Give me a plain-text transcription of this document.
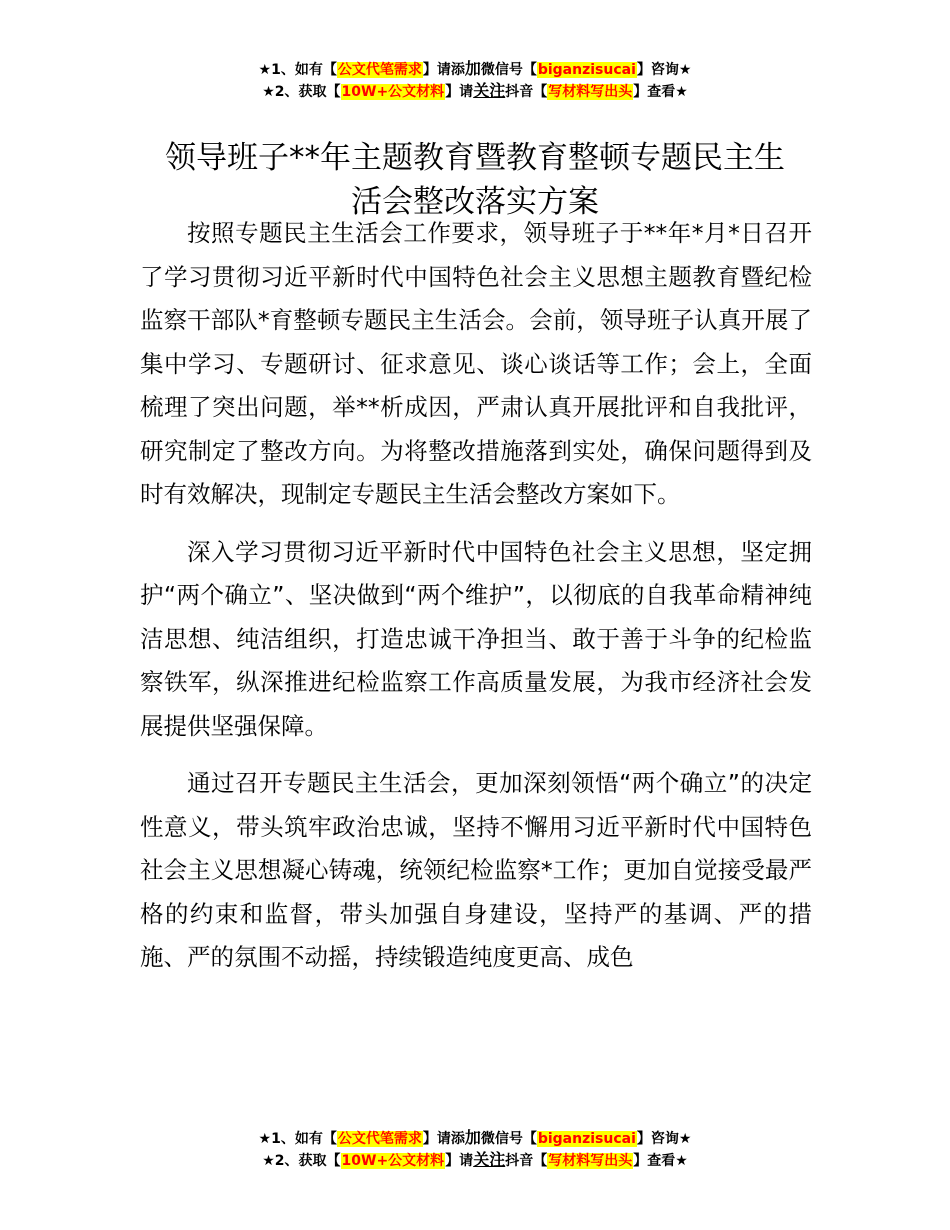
★1、如有【公文代笔需求】请添加微信号【biganzisucai】咨询★
★2、获取【10W+公文材料】请关注抖音【写材料写出头】查看★
领导班子**年主题教育暨教育整顿专题民主生
活会整改落实方案

按照专题民主生活会工作要求，领导班子于**年*月*日召开了学习贯彻习近平新时代中国特色社会主义思想主题教育暨纪检监察干部队*育整顿专题民主生活会。会前，领导班子认真开展了集中学习、专题研讨、征求意见、谈心谈话等工作；会上，全面梳理了突出问题，举**析成因，严肃认真开展批评和自我批评，研究制定了整改方向。为将整改措施落到实处，确保问题得到及时有效解决，现制定专题民主生活会整改方案如下。

深入学习贯彻习近平新时代中国特色社会主义思想，坚定拥护“两个确立”、坚决做到“两个维护”，以彻底的自我革命精神纯洁思想、纯洁组织，打造忠诚干净担当、敢于善于斗争的纪检监察铁军，纵深推进纪检监察工作高质量发展，为我市经济社会发展提供坚强保障。

通过召开专题民主生活会，更加深刻领悟“两个确立”的决定性意义，带头筑牢政治忠诚，坚持不懈用习近平新时代中国特色社会主义思想凝心铸魂，统领纪检监察*工作；更加自觉接受最严格的约束和监督，带头加强自身建设，坚持严的基调、严的措施、严的氛围不动摇，持续锻造纯度更高、成色

★1、如有【公文代笔需求】请添加微信号【biganzisucai】咨询★
★2、获取【10W+公文材料】请关注抖音【写材料写出头】查看★
